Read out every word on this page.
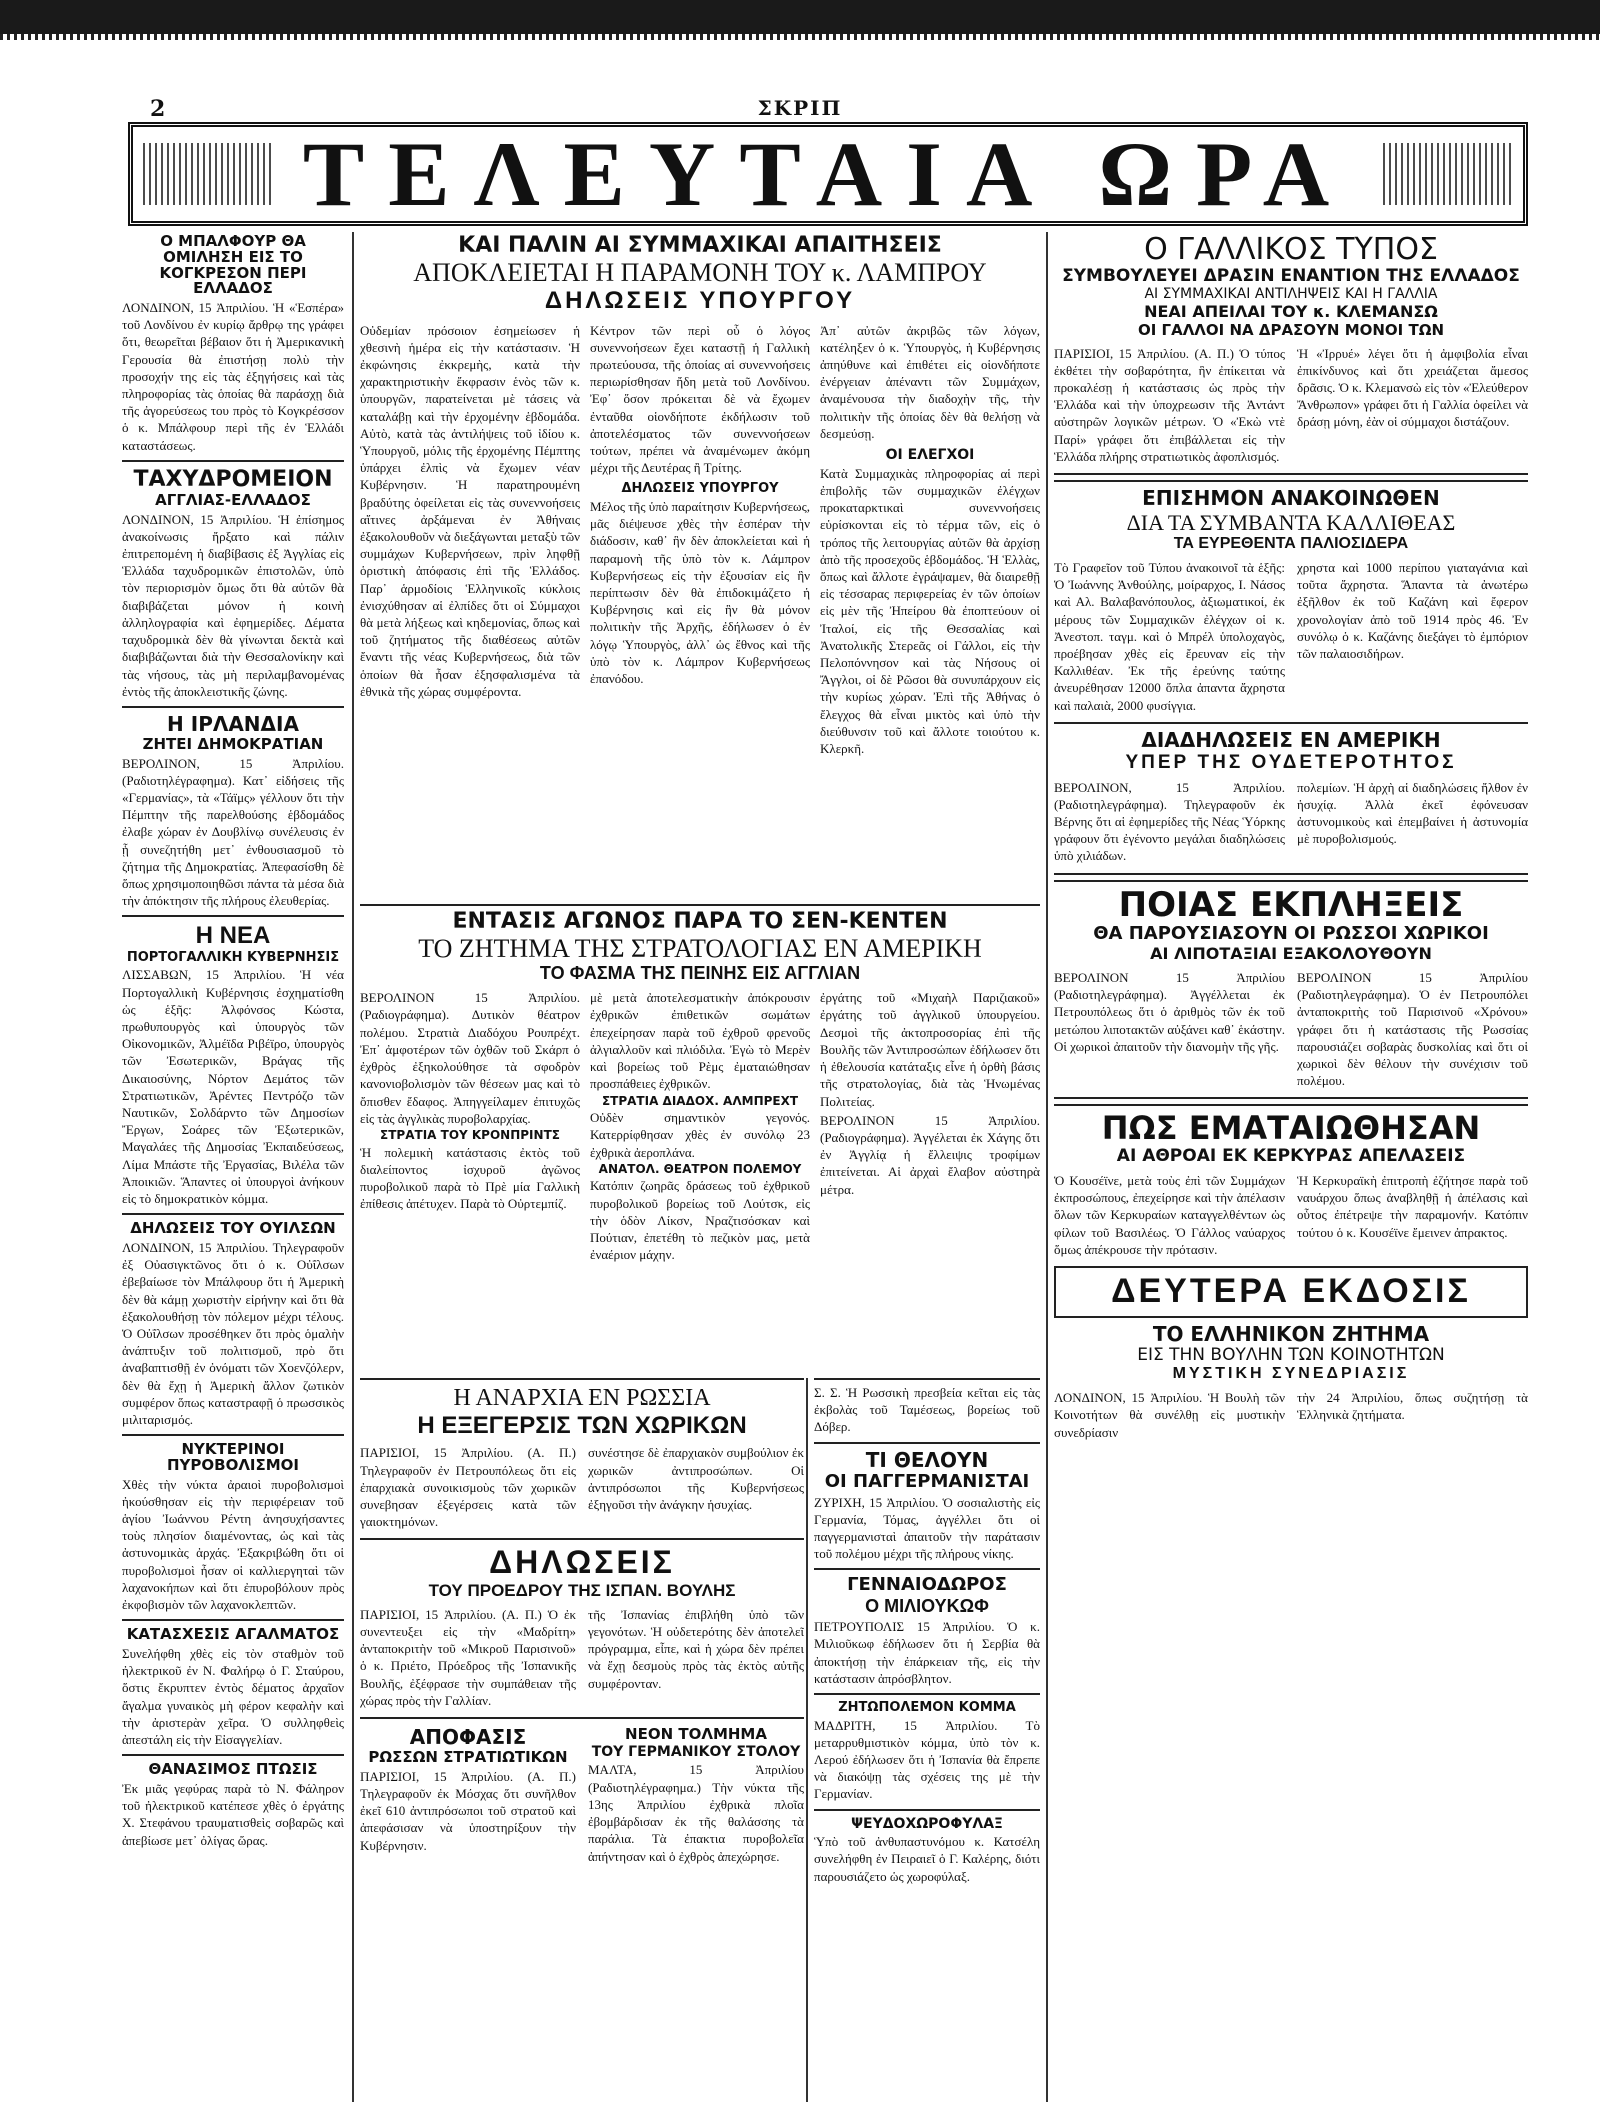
2	ΣΚΡΙΠ
ΤΕΛΕΥΤΑΙΑ ΩΡΑ
Ο ΜΠΑΛΦΟΥΡ ΘΑ ΟΜΙΛΗΣΗ ΕΙΣ ΤΟ ΚΟΓΚΡΕΣΟΝ ΠΕΡΙ ΕΛΛΑΔΟΣ
ΛΟΝΔΙΝΟΝ, 15 Ἀπριλίου. Ἡ «Ἑσπέρα» τοῦ Λονδίνου ἐν κυρίῳ ἄρθρῳ της γράφει ὅτι, θεωρεῖται βέβαιον ὅτι ἡ Ἀμερικανικὴ Γερουσία θὰ ἐπιστήσῃ πολὺ τὴν προσοχήν της εἰς τὰς ἐξηγήσεις καὶ τὰς πληροφορίας τὰς ὁποίας θὰ παράσχῃ διὰ τῆς ἀγορεύσεως του πρὸς τὸ Κογκρέσσον ὁ κ. Μπάλφουρ περὶ τῆς ἐν Ἑλλάδι καταστάσεως.
ΤΑΧΥΔΡΟΜΕΙΟΝ
ΑΓΓΛΙΑΣ-ΕΛΛΑΔΟΣ
ΛΟΝΔΙΝΟΝ, 15 Ἀπριλίου. Ἡ ἐπίσημος ἀνακοίνωσις ἤρξατο καὶ πάλιν ἐπιτρεπομένη ἡ διαβίβασις ἐξ Ἀγγλίας εἰς Ἑλλάδα ταχυδρομικῶν ἐπιστολῶν, ὑπὸ τὸν περιορισμὸν ὅμως ὅτι θὰ αὐτῶν θὰ διαβιβάζεται μόνον ἡ κοινὴ ἀλληλογραφία καὶ ἐφημερίδες. Δέματα ταχυδρομικὰ δὲν θὰ γίνωνται δεκτὰ καὶ διαβιβάζωνται διὰ τὴν Θεσσαλονίκην καὶ τὰς νήσους, τὰς μὴ περιλαμβανομένας ἐντὸς τῆς ἀποκλειστικῆς ζώνης.
Η ΙΡΛΑΝΔΙΑ
ΖΗΤΕΙ ΔΗΜΟΚΡΑΤΙΑΝ
ΒΕΡΟΛΙΝΟΝ, 15 Ἀπριλίου. (Ραδιοτηλέγραφημα). Κατ᾽ εἰδήσεις τῆς «Γερμανίας», τὰ «Τάϊμς» γέλλουν ὅτι τὴν Πέμπτην τῆς παρελθούσης ἑβδομάδος ἐλαβε χώραν ἐν Δουβλίνῳ συνέλευσις ἐν ᾗ συνεζητήθη μετ᾽ ἐνθουσιασμοῦ τὸ ζήτημα τῆς Δημοκρατίας. Ἀπεφασίσθη δὲ ὅπως χρησιμοποιηθῶσι πάντα τὰ μέσα διὰ τὴν ἀπόκτησιν τῆς πλήρους ἐλευθερίας.
Η ΝΕΑ
ΠΟΡΤΟΓΑΛΛΙΚΗ ΚΥΒΕΡΝΗΣΙΣ
ΛΙΣΣΑΒΩΝ, 15 Ἀπριλίου. Ἡ νέα Πορτογαλλικὴ Κυβέρνησις ἐσχηματίσθη ὡς ἑξῆς: Ἀλφόνσος Κώστα, πρωθυπουργὸς καὶ ὑπουργὸς τῶν Οἰκονομικῶν, Ἀλμέϊδα Ριβέϊρο, ὑπουργὸς τῶν Ἐσωτερικῶν, Βράγας τῆς Δικαιοσύνης, Νόρτον Δεμάτος τῶν Στρατιωτικῶν, Ἀρέντες Πεντρόζο τῶν Ναυτικῶν, Σολδάρντο τῶν Δημοσίων Ἔργων, Σοάρες τῶν Ἐξωτερικῶν, Μαγαλάες τῆς Δημοσίας Ἐκπαιδεύσεως, Λίμα Μπάστε τῆς Ἐργασίας, Βιλέλα τῶν Ἀποικιῶν. Ἅπαντες οἱ ὑπουργοὶ ἀνήκουν εἰς τὸ δημοκρατικὸν κόμμα.
ΔΗΛΩΣΕΙΣ ΤΟΥ ΟΥΙΛΣΩΝ
ΛΟΝΔΙΝΟΝ, 15 Ἀπριλίου. Τηλεγραφοῦν ἐξ Οὐασιγκτῶνος ὅτι ὁ κ. Οὐΐλσων ἐβεβαίωσε τὸν Μπάλφουρ ὅτι ἡ Ἀμερικὴ δὲν θὰ κάμῃ χωριστὴν εἰρήνην καὶ ὅτι θὰ ἐξακολουθήσῃ τὸν πόλεμον μέχρι τέλους. Ὁ Οὐΐλσων προσέθηκεν ὅτι πρὸς ὁμαλὴν ἀνάπτυξιν τοῦ πολιτισμοῦ, πρὸ ὅτι ἀναβαπτισθῇ ἐν ὀνόματι τῶν Χοενζόλερν, δὲν θὰ ἔχῃ ἡ Ἀμερικὴ ἄλλον ζωτικὸν συμφέρον ὅπως καταστραφῇ ὁ πρωσσικὸς μιλιταρισμός.
ΝΥΚΤΕΡΙΝΟΙ ΠΥΡΟΒΟΛΙΣΜΟΙ
Χθὲς τὴν νύκτα ἀραιοὶ πυροβολισμοὶ ἠκούσθησαν εἰς τὴν περιφέρειαν τοῦ ἁγίου Ἰωάννου Ρέντη ἀνησυχήσαντες τοὺς πλησίον διαμένοντας, ὡς καὶ τὰς ἀστυνομικὰς ἀρχάς. Ἐξακριβώθη ὅτι οἱ πυροβολισμοὶ ἦσαν οἱ καλλιεργηταὶ τῶν λαχανοκήπων καὶ ὅτι ἐπυροβόλουν πρὸς ἐκφοβισμὸν τῶν λαχανοκλεπτῶν.
ΚΑΤΑΣΧΕΣΙΣ ΑΓΑΛΜΑΤΟΣ
Συνελήφθη χθὲς εἰς τὸν σταθμὸν τοῦ ἠλεκτρικοῦ ἐν Ν. Φαλήρῳ ὁ Γ. Σταύρου, ὅστις ἔκρυπτεν ἐντὸς δέματος ἀρχαῖον ἄγαλμα γυναικὸς μὴ φέρον κεφαλὴν καὶ τὴν ἀριστερὰν χεῖρα. Ὁ συλληφθεὶς ἀπεστάλη εἰς τὴν Εἰσαγγελίαν.
ΘΑΝΑΣΙΜΟΣ ΠΤΩΣΙΣ
Ἐκ μιᾶς γεφύρας παρὰ τὸ Ν. Φάληρον τοῦ ἠλεκτρικοῦ κατέπεσε χθὲς ὁ ἐργάτης Χ. Στεφάνου τραυματισθεὶς σοβαρῶς καὶ ἀπεβίωσε μετ᾽ ὀλίγας ὥρας.
ΚΑΙ ΠΑΛΙΝ ΑΙ ΣΥΜΜΑΧΙΚΑΙ ΑΠΑΙΤΗΣΕΙΣ
ΑΠΟΚΛΕΙΕΤΑΙ Η ΠΑΡΑΜΟΝΗ ΤΟΥ κ. ΛΑΜΠΡΟΥ
ΔΗΛΩΣΕΙΣ ΥΠΟΥΡΓΟΥ
Οὐδεμίαν πρόσοιον ἐσημείωσεν ἡ χθεσινὴ ἡμέρα εἰς τὴν κατάστασιν. Ἡ ἐκφώνησις ἐκκρεμὴς, κατὰ τὴν χαρακτηριστικὴν ἔκφρασιν ἑνὸς τῶν κ. ὑπουργῶν, παρατείνεται μὲ τάσεις νὰ καταλάβῃ καὶ τὴν ἐρχομένην ἑβδομάδα. Αὐτὸ, κατὰ τὰς ἀντιλήψεις τοῦ ἰδίου κ. Ὑπουργοῦ, μόλις τῆς ἐρχομένης Πέμπτης ὑπάρχει ἐλπὶς νὰ ἔχωμεν νέαν Κυβέρνησιν. Ἡ παρατηρουμένη βραδύτης ὀφείλεται εἰς τὰς συνεννοήσεις αἵτινες ἀρξάμεναι ἐν Ἀθήναις ἐξακολουθοῦν νὰ διεξάγωνται μεταξὺ τῶν συμμάχων Κυβερνήσεων, πρὶν ληφθῇ ὁριστικὴ ἀπόφασις ἐπὶ τῆς Ἑλλάδος. Παρ᾽ ἁρμοδίοις Ἑλληνικοῖς κύκλοις ἐνισχύθησαν αἱ ἐλπίδες ὅτι οἱ Σύμμαχοι θὰ μετὰ λήξεως καὶ κηδεμονίας, ὅπως καὶ τοῦ ζητήματος τῆς διαθέσεως αὐτῶν ἔναντι τῆς νέας Κυβερνήσεως, διὰ τῶν ὁποίων θὰ ἦσαν ἐξησφαλισμένα τὰ ἐθνικὰ τῆς χώρας συμφέροντα.
Κέντρον τῶν περὶ οὗ ὁ λόγος συνεννοήσεων ἔχει καταστῇ ἡ Γαλλικὴ πρωτεύουσα, τῆς ὁποίας αἱ συνεννοήσεις περιωρίσθησαν ἤδη μετὰ τοῦ Λονδίνου. Ἐφ᾽ ὅσον πρόκειται δὲ νὰ ἔχωμεν ἐνταῦθα οἱονδήποτε ἐκδήλωσιν τοῦ ἀποτελέσματος τῶν συνεννοήσεων τούτων, πρέπει νὰ ἀναμένωμεν ἀκόμη μέχρι τῆς Δευτέρας ἢ Τρίτης.
ΔΗΛΩΣΕΙΣ ΥΠΟΥΡΓΟΥ
Μέλος τῆς ὑπὸ παραίτησιν Κυβερνήσεως, μᾶς διέψευσε χθὲς τὴν ἑσπέραν τὴν διάδοσιν, καθ᾽ ἣν δὲν ἀποκλείεται καὶ ἡ παραμονὴ τῆς ὑπὸ τὸν κ. Λάμπρον Κυβερνήσεως εἰς τὴν ἐξουσίαν εἰς ἣν περίπτωσιν δὲν θὰ ἐπιδοκιμάζετο ἡ Κυβέρνησις καὶ εἰς ἣν θὰ μόνον πολιτικὴν τῆς Ἀρχῆς, ἐδήλωσεν ὁ ἐν λόγῳ Ὑπουργὸς, ἀλλ᾽ ὡς ἔθνος καὶ τῆς ὑπὸ τὸν κ. Λάμπρον Κυβερνήσεως ἐπανόδου.
Ἀπ᾽ αὐτῶν ἀκριβῶς τῶν λόγων, κατέληξεν ὁ κ. Ὑπουργὸς, ἡ Κυβέρνησις ἀπηύθυνε καὶ ἐπιθέτει εἰς οἱονδήποτε ἐνέργειαν ἀπέναντι τῶν Συμμάχων, ἀναμένουσα τὴν διαδοχὴν τῆς, τὴν πολιτικὴν τῆς ὁποίας δὲν θὰ θελήσῃ νὰ δεσμεύσῃ.
ΟΙ ΕΛΕΓΧΟΙ
Κατὰ Συμμαχικὰς πληροφορίας αἱ περὶ ἐπιβολῆς τῶν συμμαχικῶν ἐλέγχων προκαταρκτικαὶ συνεννοήσεις εὑρίσκονται εἰς τὸ τέρμα τῶν, εἰς ὁ τρόπος τῆς λειτουργίας αὐτῶν θὰ ἀρχίσῃ ἀπὸ τῆς προσεχοῦς ἑβδομάδος. Ἡ Ἑλλὰς, ὅπως καὶ ἄλλοτε ἐγράψαμεν, θὰ διαιρεθῇ εἰς τέσσαρας περιφερείας ἐν τῶν ὁποίων εἰς μὲν τῆς Ἠπείρου θὰ ἐποπτεύουν οἱ Ἰταλοί, εἰς τῆς Θεσσαλίας καὶ Ἀνατολικῆς Στερεᾶς οἱ Γάλλοι, εἰς τὴν Πελοπόννησον καὶ τὰς Νήσους οἱ Ἄγγλοι, οἱ δὲ Ρῶσοι θὰ συνυπάρχουν εἰς τὴν κυρίως χώραν. Ἐπὶ τῆς Ἀθήνας ὁ ἔλεγχος θὰ εἶναι μικτὸς καὶ ὑπὸ τὴν διεύθυνσιν τοῦ καὶ ἄλλοτε τοιούτου κ. Κλερκῆ.
ΕΝΤΑΣΙΣ ΑΓΩΝΟΣ ΠΑΡΑ ΤΟ ΣΕΝ-ΚΕΝΤΕΝ
ΤΟ ΖΗΤΗΜΑ ΤΗΣ ΣΤΡΑΤΟΛΟΓΙΑΣ ΕΝ ΑΜΕΡΙΚΗ
ΤΟ ΦΑΣΜΑ ΤΗΣ ΠΕΙΝΗΣ ΕΙΣ ΑΓΓΛΙΑΝ
ΒΕΡΟΛΙΝΟΝ 15 Ἀπριλίου. (Ραδιογράφημα). Δυτικὸν θέατρον πολέμου. Στρατιὰ Διαδόχου Ρουπρέχτ. Ἐπ᾽ ἀμφοτέρων τῶν ὀχθῶν τοῦ Σκάρπ ὁ ἐχθρὸς ἐξηκολούθησε τὰ σφοδρὸν κανονιοβολισμὸν τῶν θέσεων μας καὶ τὸ ὄπισθεν ἔδαφος. Ἀπηγγείλαμεν ἐπιτυχῶς εἰς τὰς ἀγγλικὰς πυροβολαρχίας.
ΣΤΡΑΤΙΑ ΤΟΥ ΚΡΟΝΠΡΙΝΤΣ
Ἡ πολεμικὴ κατάστασις ἐκτὸς τοῦ διαλείποντος ἰσχυροῦ ἀγῶνος πυροβολικοῦ παρὰ τὸ Πρὲ μία Γαλλικὴ ἐπίθεσις ἀπέτυχεν. Παρὰ τὸ Οὐρτεμπίζ.
μὲ μετὰ ἀποτελεσματικὴν ἀπόκρουσιν ἐχθρικῶν ἐπιθετικῶν σωμάτων ἐπεχείρησαν παρὰ τοῦ ἐχθροῦ φρενοῦς ἀλγιαλλοῦν καὶ πλιόδιλα. Ἐγὼ τὸ Μερὲν καὶ βορείως τοῦ Ρὲμς ἐματαιώθησαν προσπάθειες ἐχθρικῶν.
ΣΤΡΑΤΙΑ ΔΙΑΔΟΧ. ΑΛΜΠΡΕΧΤ
Οὐδὲν σημαντικὸν γεγονός. Κατερρίφθησαν χθὲς ἐν συνόλῳ 23 ἐχθρικὰ ἀεροπλάνα.
ΑΝΑΤΟΛ. ΘΕΑΤΡΟΝ ΠΟΛΕΜΟΥ
Κατόπιν ζωηρᾶς δράσεως τοῦ ἐχθρικοῦ πυροβολικοῦ βορείως τοῦ Λούτσκ, εἰς τὴν ὁδὸν Λίκσν, Νραζτισόσκαν καὶ Πούτιαν, ἐπετέθη τὸ πεζικὸν μας, μετὰ ἐναέριον μάχην.
ἐργάτης τοῦ «Μιχαὴλ Παριζιακοῦ» ἐργάτης τοῦ ἀγγλικοῦ ὑπουργείου. Δεσμοὶ τῆς ἀκτοπροσορίας ἐπὶ τῆς Βουλῆς τῶν Ἀντιπροσώπων ἐδήλωσεν ὅτι ἡ ἐθελουσία κατάταξις εἶνε ἡ ὀρθὴ βάσις τῆς στρατολογίας, διὰ τὰς Ἡνωμένας Πολιτείας.
ΒΕΡΟΛΙΝΟΝ 15 Ἀπριλίου. (Ραδιογράφημα). Ἀγγέλεται ἐκ Χάγης ὅτι ἐν Ἀγγλίᾳ ἡ ἔλλειψις τροφίμων ἐπιτείνεται. Αἱ ἀρχαὶ ἔλαβον αὐστηρὰ μέτρα.
Η ΑΝΑΡΧΙΑ ΕΝ ΡΩΣΣΙΑ
Η ΕΞΕΓΕΡΣΙΣ ΤΩΝ ΧΩΡΙΚΩΝ
ΠΑΡΙΣΙΟΙ, 15 Ἀπριλίου. (Α. Π.) Τηλεγραφοῦν ἐν Πετρουπόλεως ὅτι εἰς ἐπαρχιακὰ συνοικισμοὺς τῶν χωρικῶν συνεβησαν ἐξεγέρσεις κατὰ τῶν γαιοκτημόνων.
συνέστησε δὲ ἐπαρχιακὸν συμβούλιον ἐκ χωρικῶν ἀντιπροσώπων. Οἱ ἀντιπρόσωποι τῆς Κυβερνήσεως ἐξηγοῦσι τὴν ἀνάγκην ἡσυχίας.
ΔΗΛΩΣΕΙΣ
ΤΟΥ ΠΡΟΕΔΡΟΥ ΤΗΣ ΙΣΠΑΝ. ΒΟΥΛΗΣ
ΠΑΡΙΣΙΟΙ, 15 Ἀπριλίου. (Α. Π.) Ὁ ἐκ συνεντευξει εἰς τὴν «Μαδρίτη» ἀνταποκριτὴν τοῦ «Μικροῦ Παρισινοῦ» ὁ κ. Πριέτο, Πρόεδρος τῆς Ἰσπανικῆς Βουλῆς, ἐξέφρασε τὴν συμπάθειαν τῆς χώρας πρὸς τὴν Γαλλίαν.
τῆς Ἰσπανίας ἐπιβλήθη ὑπὸ τῶν γεγονότων. Ἡ οὐδετερότης δὲν ἀποτελεῖ πρόγραμμα, εἶπε, καὶ ἡ χώρα δὲν πρέπει νὰ ἔχῃ δεσμοὺς πρὸς τὰς ἐκτὸς αὐτῆς συμφέρονταν.
ΑΠΟΦΑΣΙΣ
ΡΩΣΣΩΝ ΣΤΡΑΤΙΩΤΙΚΩΝ
ΠΑΡΙΣΙΟΙ, 15 Ἀπριλίου. (Α. Π.) Τηλεγραφοῦν ἐκ Μόσχας ὅτι συνῆλθον ἐκεῖ 610 ἀντιπρόσωποι τοῦ στρατοῦ καὶ ἀπεφάσισαν νὰ ὑποστηρίξουν τὴν Κυβέρνησιν.
ΝΕΟΝ ΤΟΛΜΗΜΑ
ΤΟΥ ΓΕΡΜΑΝΙΚΟΥ ΣΤΟΛΟΥ
ΜΑΛΤΑ, 15 Ἀπριλίου (Ραδιοτηλέγραφημα.) Τὴν νύκτα τῆς 13ης Ἀπριλίου ἐχθρικὰ πλοῖα ἐβομβάρδισαν ἐκ τῆς θαλάσσης τὰ παράλια. Τὰ ἐπακτια πυροβολεῖα ἀπήντησαν καὶ ὁ ἐχθρὸς ἀπεχώρησε.
Σ. Σ. Ἡ Ρωσσικὴ πρεσβεία κεῖται εἰς τὰς ἐκβολὰς τοῦ Ταμέσεως, βορείως τοῦ Δόβερ.
ΤΙ ΘΕΛΟΥΝ
ΟΙ ΠΑΓΓΕΡΜΑΝΙΣΤΑΙ
ΖΥΡΙΧΗ, 15 Ἀπριλίου. Ὁ σοσιαλιστὴς εἰς Γερμανία, Τόμας, ἀγγέλλει ὅτι οἱ παγγερμανισταὶ ἀπαιτοῦν τὴν παράτασιν τοῦ πολέμου μέχρι τῆς πλήρους νίκης.
ΓΕΝΝΑΙΟΔΩΡΟΣ
Ο ΜΙΛΙΟΥΚΩΦ
ΠΕΤΡΟΥΠΟΛΙΣ 15 Ἀπριλίου. Ὁ κ. Μιλιοῦκωφ ἐδήλωσεν ὅτι ἡ Σερβία θὰ ἀποκτήσῃ τὴν ἐπάρκειαν τῆς, εἰς τὴν κατάστασιν ἀπρόσβλητον.
ΖΗΤΩΠΟΛΕΜΟΝ ΚΟΜΜΑ
ΜΑΔΡΙΤΗ, 15 Ἀπριλίου. Τὸ μεταρρυθμιστικὸν κόμμα, ὑπὸ τὸν κ. Λερού ἐδήλωσεν ὅτι ἡ Ἰσπανία θὰ ἔπρεπε νὰ διακόψῃ τὰς σχέσεις της μὲ τὴν Γερμανίαν.
ΨΕΥΔΟΧΩΡΟΦΥΛΑΞ
Ὑπὸ τοῦ ἀνθυπαστυνόμου κ. Κατσέλη συνελήφθη ἐν Πειραιεῖ ὁ Γ. Καλέρης, διότι παρουσιάζετο ὡς χωροφύλαξ.
Ο ΓΑΛΛΙΚΟΣ ΤΥΠΟΣ
ΣΥΜΒΟΥΛΕΥΕΙ ΔΡΑΣΙΝ ΕΝΑΝΤΙΟΝ ΤΗΣ ΕΛΛΑΔΟΣ
ΑΙ ΣΥΜΜΑΧΙΚΑΙ ΑΝΤΙΛΗΨΕΙΣ ΚΑΙ Η ΓΑΛΛΙΑ
ΝΕΑΙ ΑΠΕΙΛΑΙ ΤΟΥ κ. ΚΛΕΜΑΝΣΩ
ΟΙ ΓΑΛΛΟΙ ΝΑ ΔΡΑΣΟΥΝ ΜΟΝΟΙ ΤΩΝ
ΠΑΡΙΣΙΟΙ, 15 Ἀπριλίου. (Α. Π.) Ὁ τύπος ἐκθέτει τὴν σοβαρότητα, ἣν ἐπίκειται νὰ προκαλέσῃ ἡ κατάστασις ὡς πρὸς τὴν Ἑλλάδα καὶ τὴν ὑποχρεωσιν τῆς Ἀντάντ αὐστηρῶν λογικῶν μέτρων. Ὁ «Ἐκὼ ντὲ Παρί» γράφει ὅτι ἐπιβάλλεται εἰς τὴν Ἑλλάδα πλήρης στρατιωτικὸς ἀφοπλισμός.
Ἡ «Ἰρρυέ» λέγει ὅτι ἡ ἀμφιβολία εἶναι ἐπικίνδυνος καὶ ὅτι χρειάζεται ἄμεσος δρᾶσις. Ὁ κ. Κλεμανσὼ εἰς τὸν «Ἐλεύθερον Ἄνθρωπον» γράφει ὅτι ἡ Γαλλία ὀφείλει νὰ δράσῃ μόνη, ἐὰν οἱ σύμμαχοι διστάζουν.
ΕΠΙΣΗΜΟΝ ΑΝΑΚΟΙΝΩΘΕΝ
ΔΙΑ ΤΑ ΣΥΜΒΑΝΤΑ ΚΑΛΛΙΘΕΑΣ
ΤΑ ΕΥΡΕΘΕΝΤΑ ΠΑΛΙΟΣΙΔΕΡΑ
Τὸ Γραφεῖον τοῦ Τύπου ἀνακοινοῖ τὰ ἑξῆς: Ὁ Ἰωάννης Ἀνθούλης, μοίραρχος, Ι. Νάσος καὶ Αλ. Βαλαβανόπουλος, ἀξιωματικοί, ἐκ μέρους τῶν Συμμαχικῶν ἐλέγχων οἱ κ. Ἀνεστοπ. ταγμ. καὶ ὁ Μπρέλ ὑπολοχαγὸς, προέβησαν χθὲς εἰς ἔρευναν εἰς τὴν Καλλιθέαν. Ἐκ τῆς ἐρεύνης ταύτης ἀνευρέθησαν 12000 ὅπλα ἀπαντα ἄχρηστα καὶ παλαιὰ, 2000 φυσίγγια.
χρηστα καὶ 1000 περίπου γιαταγάνια καὶ τοῦτα ἄχρηστα. Ἅπαντα τὰ ἀνωτέρω ἐξῆλθον ἐκ τοῦ Καζάνη καὶ ἔφερον χρονολογίαν ἀπὸ τοῦ 1914 πρὸς 46. Ἐν συνόλῳ ὁ κ. Καζάνης διεξάγει τὸ ἐμπόριον τῶν παλαιοσιδήρων.
ΔΙΑΔΗΛΩΣΕΙΣ ΕΝ ΑΜΕΡΙΚΗ
ΥΠΕΡ ΤΗΣ ΟΥΔΕΤΕΡΟΤΗΤΟΣ
ΒΕΡΟΛΙΝΟΝ, 15 Ἀπριλίου. (Ραδιοτηλεγράφημα). Τηλεγραφοῦν ἐκ Βέρνης ὅτι αἱ ἐφημερίδες τῆς Νέας Ὑόρκης γράφουν ὅτι ἐγένοντο μεγάλαι διαδηλώσεις ὑπὸ χιλιάδων.
πολεμίων. Ἡ ἀρχὴ αἱ διαδηλώσεις ἤλθον ἐν ἡσυχίᾳ. Ἀλλὰ ἐκεῖ ἐφόνευσαν ἀστυνομικοὺς καὶ ἐπεμβαίνει ἡ ἀστυνομία μὲ πυροβολισμούς.
ΠΟΙΑΣ ΕΚΠΛΗΞΕΙΣ
ΘΑ ΠΑΡΟΥΣΙΑΣΟΥΝ ΟΙ ΡΩΣΣΟΙ ΧΩΡΙΚΟΙ
ΑΙ ΛΙΠΟΤΑΞΙΑΙ ΕΞΑΚΟΛΟΥΘΟΥΝ
ΒΕΡΟΛΙΝΟΝ 15 Ἀπριλίου (Ραδιοτηλεγράφημα). Ἀγγέλλεται ἐκ Πετρουπόλεως ὅτι ὁ ἀριθμὸς τῶν ἐκ τοῦ μετώπου λιποτακτῶν αὐξάνει καθ᾽ ἑκάστην. Οἱ χωρικοὶ ἀπαιτοῦν τὴν διανομὴν τῆς γῆς.
ΒΕΡΟΛΙΝΟΝ 15 Ἀπριλίου (Ραδιοτηλεγράφημα). Ὁ ἐν Πετρουπόλει ἀνταποκριτὴς τοῦ Παρισινοῦ «Χρόνου» γράφει ὅτι ἡ κατάστασις τῆς Ρωσσίας παρουσιάζει σοβαρὰς δυσκολίας καὶ ὅτι οἱ χωρικοὶ δὲν θέλουν τὴν συνέχισιν τοῦ πολέμου.
ΠΩΣ ΕΜΑΤΑΙΩΘΗΣΑΝ
ΑΙ ΑΘΡΟΑΙ ΕΚ ΚΕΡΚΥΡΑΣ ΑΠΕΛΑΣΕΙΣ
Ὁ Κουσέϊνε, μετὰ τοὺς ἐπὶ τῶν Συμμάχων ἐκπροσώπους, ἐπεχείρησε καὶ τὴν ἀπέλασιν ὅλων τῶν Κερκυραίων καταγγελθέντων ὡς φίλων τοῦ Βασιλέως. Ὁ Γάλλος ναύαρχος ὅμως ἀπέκρουσε τὴν πρότασιν.
Ἡ Κερκυραϊκὴ ἐπιτροπὴ ἐζήτησε παρὰ τοῦ ναυάρχου ὅπως ἀναβληθῇ ἡ ἀπέλασις καὶ οὗτος ἐπέτρεψε τὴν παραμονήν. Κατόπιν τούτου ὁ κ. Κουσέϊνε ἔμεινεν ἀπρακτος.
ΔΕΥΤΕΡΑ ΕΚΔΟΣΙΣ
ΤΟ ΕΛΛΗΝΙΚΟΝ ΖΗΤΗΜΑ
ΕΙΣ ΤΗΝ ΒΟΥΛΗΝ ΤΩΝ ΚΟΙΝΟΤΗΤΩΝ
ΜΥΣΤΙΚΗ ΣΥΝΕΔΡΙΑΣΙΣ
ΛΟΝΔΙΝΟΝ, 15 Ἀπριλίου. Ἡ Βουλὴ τῶν Κοινοτήτων θὰ συνέλθῃ εἰς μυστικὴν συνεδρίασιν
τὴν 24 Ἀπριλίου, ὅπως συζητήσῃ τὰ Ἑλληνικὰ ζητήματα.
